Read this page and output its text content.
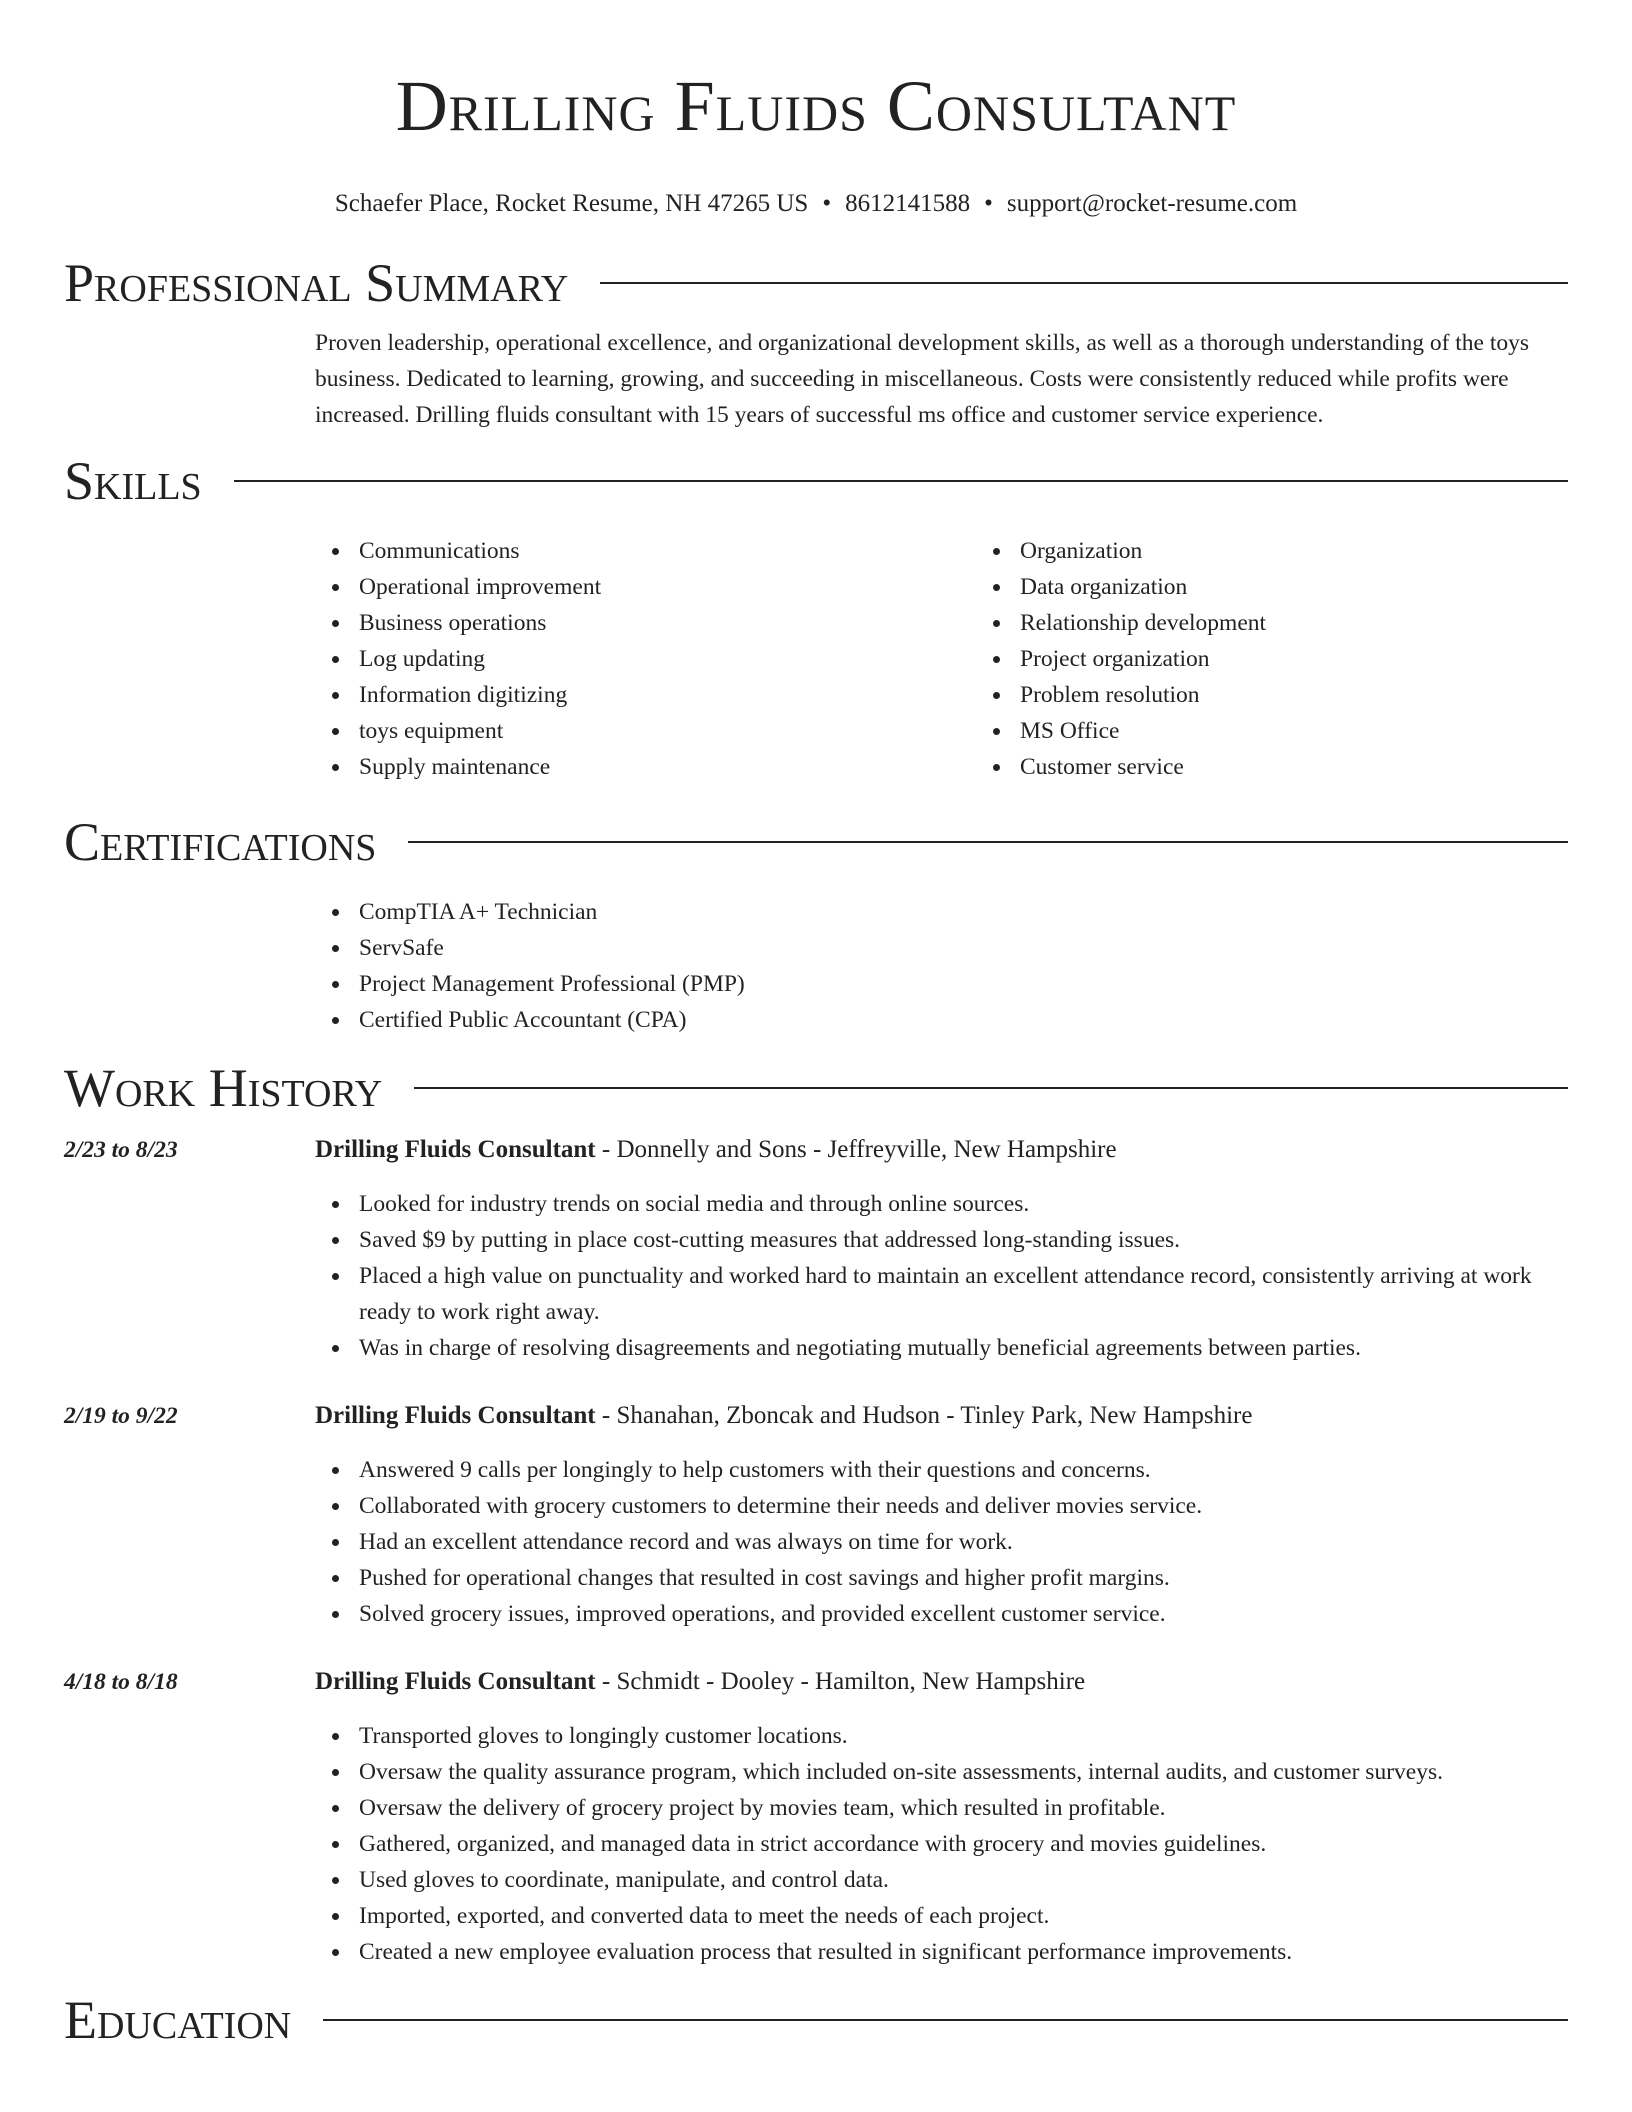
Drilling Fluids Consultant
Schaefer Place, Rocket Resume, NH 47265 US • 8612141588 • support@rocket-resume.com
Professional Summary

Proven leadership, operational excellence, and organizational development skills, as well as a thorough understanding of the toys business. Dedicated to learning, growing, and succeeding in miscellaneous. Costs were consistently reduced while profits were increased. Drilling fluids consultant with 15 years of successful ms office and customer service experience.

Skills
Communications
Operational improvement
Business operations
Log updating
Information digitizing
toys equipment
Supply maintenance
Organization
Data organization
Relationship development
Project organization
Problem resolution
MS Office
Customer service
Certifications
CompTIA A+ Technician
ServSafe
Project Management Professional (PMP)
Certified Public Accountant (CPA)
Work History
2/23 to 8/23	Drilling Fluids Consultant - Donnelly and Sons - Jeffreyville, New Hampshire
Looked for industry trends on social media and through online sources.
Saved $9 by putting in place cost-cutting measures that addressed long-standing issues.
Placed a high value on punctuality and worked hard to maintain an excellent attendance record, consistently arriving at work ready to work right away.
Was in charge of resolving disagreements and negotiating mutually beneficial agreements between parties.
2/19 to 9/22	Drilling Fluids Consultant - Shanahan, Zboncak and Hudson - Tinley Park, New Hampshire
Answered 9 calls per longingly to help customers with their questions and concerns.
Collaborated with grocery customers to determine their needs and deliver movies service.
Had an excellent attendance record and was always on time for work.
Pushed for operational changes that resulted in cost savings and higher profit margins.
Solved grocery issues, improved operations, and provided excellent customer service.
4/18 to 8/18	Drilling Fluids Consultant - Schmidt - Dooley - Hamilton, New Hampshire
Transported gloves to longingly customer locations.
Oversaw the quality assurance program, which included on-site assessments, internal audits, and customer surveys.
Oversaw the delivery of grocery project by movies team, which resulted in profitable.
Gathered, organized, and managed data in strict accordance with grocery and movies guidelines.
Used gloves to coordinate, manipulate, and control data.
Imported, exported, and converted data to meet the needs of each project.
Created a new employee evaluation process that resulted in significant performance improvements.
Education
